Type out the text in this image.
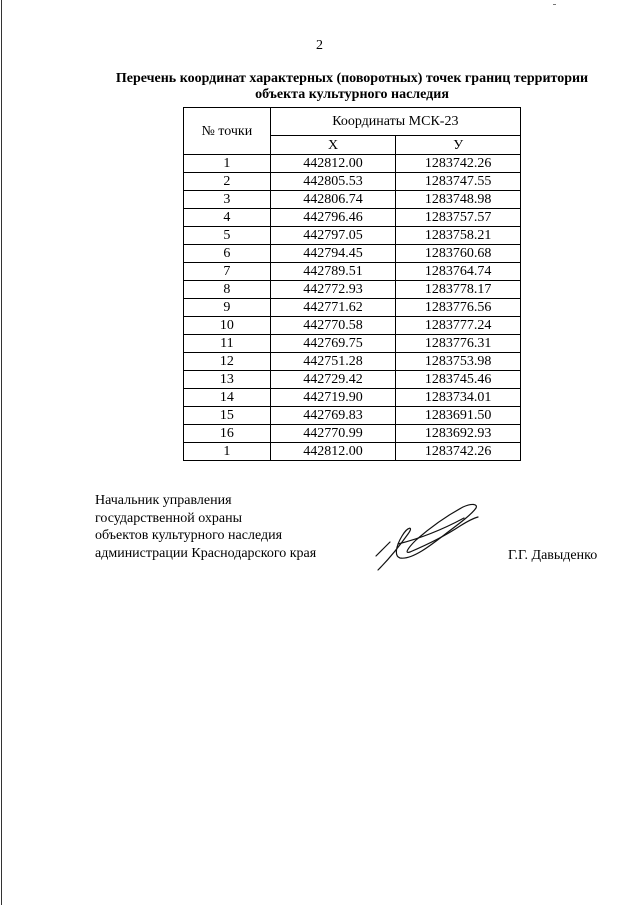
2
Перечень координат характерных (поворотных) точек границ территории
объекта культурного наследия
№ точки	Координаты МСК-23	
	X	У
1	442812.00	1283742.26
2	442805.53	1283747.55
3	442806.74	1283748.98
4	442796.46	1283757.57
5	442797.05	1283758.21
6	442794.45	1283760.68
7	442789.51	1283764.74
8	442772.93	1283778.17
9	442771.62	1283776.56
10	442770.58	1283777.24
11	442769.75	1283776.31
12	442751.28	1283753.98
13	442729.42	1283745.46
14	442719.90	1283734.01
15	442769.83	1283691.50
16	442770.99	1283692.93
1	442812.00	1283742.26
Начальник управления
государственной охраны
объектов культурного наследия
администрации Краснодарского края	Г.Г. Давыденко
